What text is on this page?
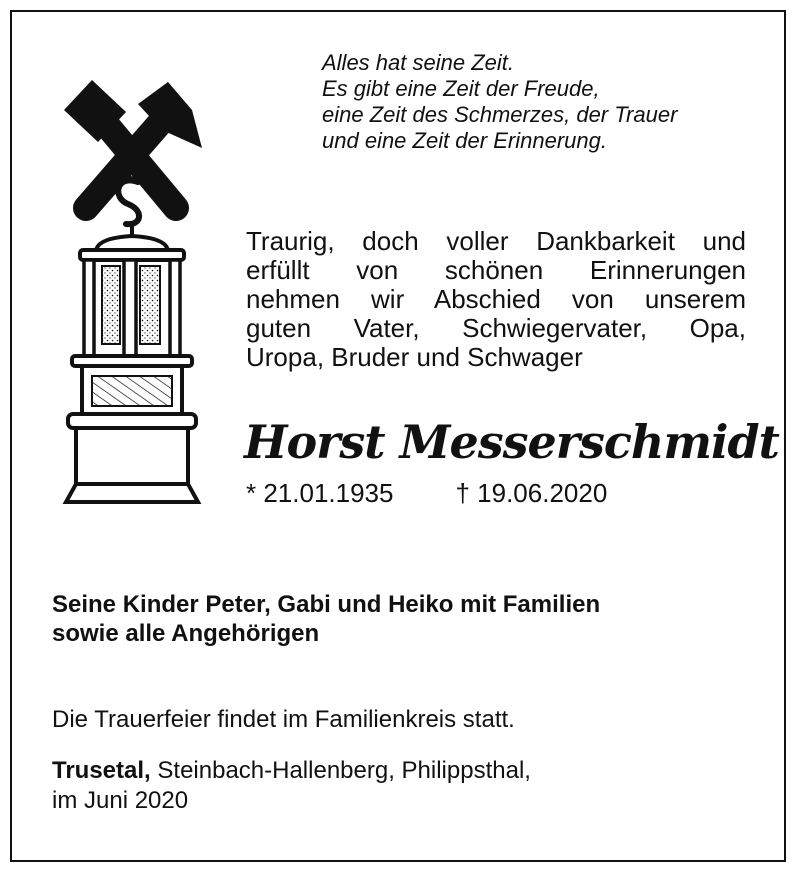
Alles hat seine Zeit.
Es gibt eine Zeit der Freude,
eine Zeit des Schmerzes, der Trauer
und eine Zeit der Erinnerung.
Traurig, doch voller Dankbarkeit und
erfüllt von schönen Erinnerungen
nehmen wir Abschied von unserem
guten Vater, Schwiegervater, Opa,
Uropa, Bruder und Schwager
Horst Messerschmidt
* 21.01.1935 † 19.06.2020
Seine Kinder Peter, Gabi und Heiko mit Familien
sowie alle Angehörigen
Die Trauerfeier findet im Familienkreis statt.
Trusetal, Steinbach-Hallenberg, Philippsthal,
im Juni 2020
